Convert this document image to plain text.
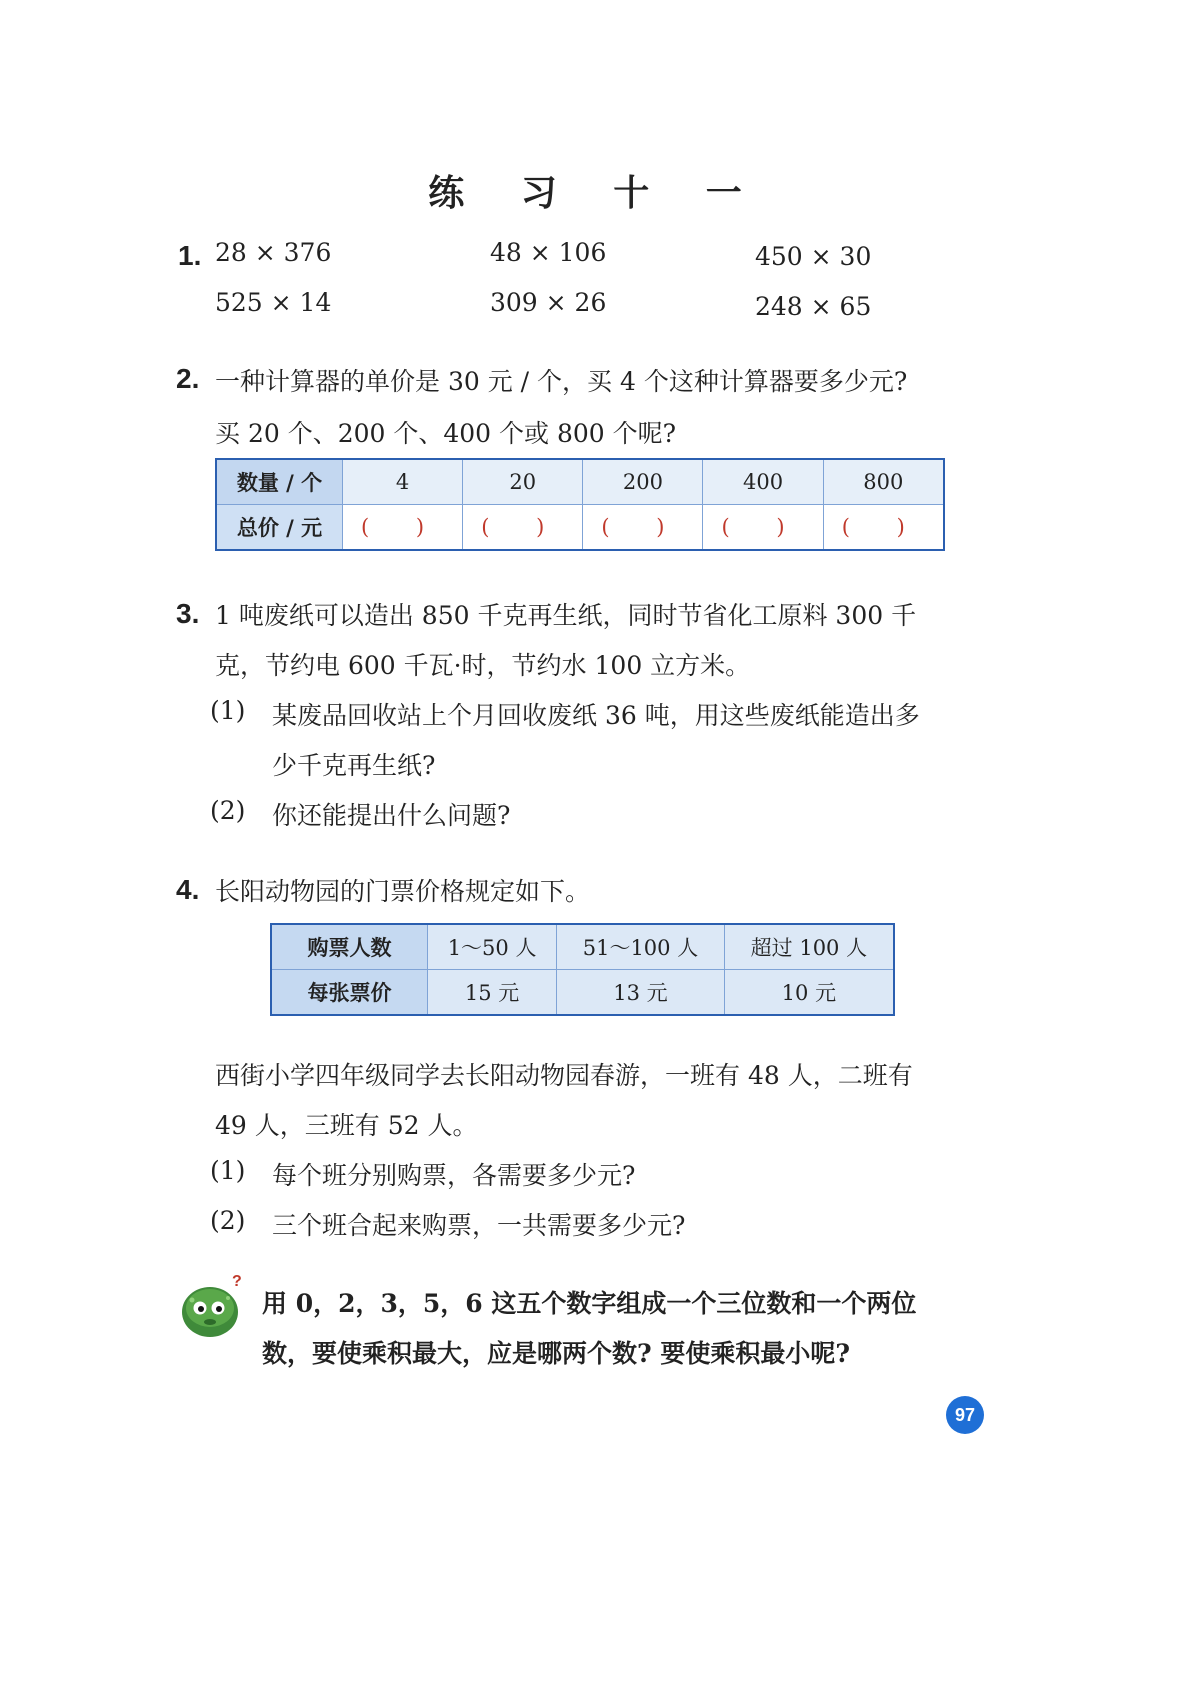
练 习 十 一
1. 28 × 376	48 × 106	450 × 30
525 × 14	309 × 26	248 × 65
2. 一种计算器的单价是 30 元 / 个，买 4 个这种计算器要多少元?
买 20 个、200 个、400 个或 800 个呢?
数量 / 个	4	20	200	400	800
总价 / 元	( )	( )	( )	( )	( )
3. 1 吨废纸可以造出 850 千克再生纸，同时节省化工原料 300 千
克，节约电 600 千瓦·时，节约水 100 立方米。
(1) 某废品回收站上个月回收废纸 36 吨，用这些废纸能造出多
少千克再生纸?
(2) 你还能提出什么问题?
4. 长阳动物园的门票价格规定如下。
购票人数	1～50 人	51～100 人	超过 100 人
每张票价	15 元	13 元	10 元
西街小学四年级同学去长阳动物园春游，一班有 48 人，二班有
49 人，三班有 52 人。
(1) 每个班分别购票，各需要多少元?
(2) 三个班合起来购票，一共需要多少元?
?
用 0，2，3，5，6 这五个数字组成一个三位数和一个两位
数，要使乘积最大，应是哪两个数? 要使乘积最小呢?
97
